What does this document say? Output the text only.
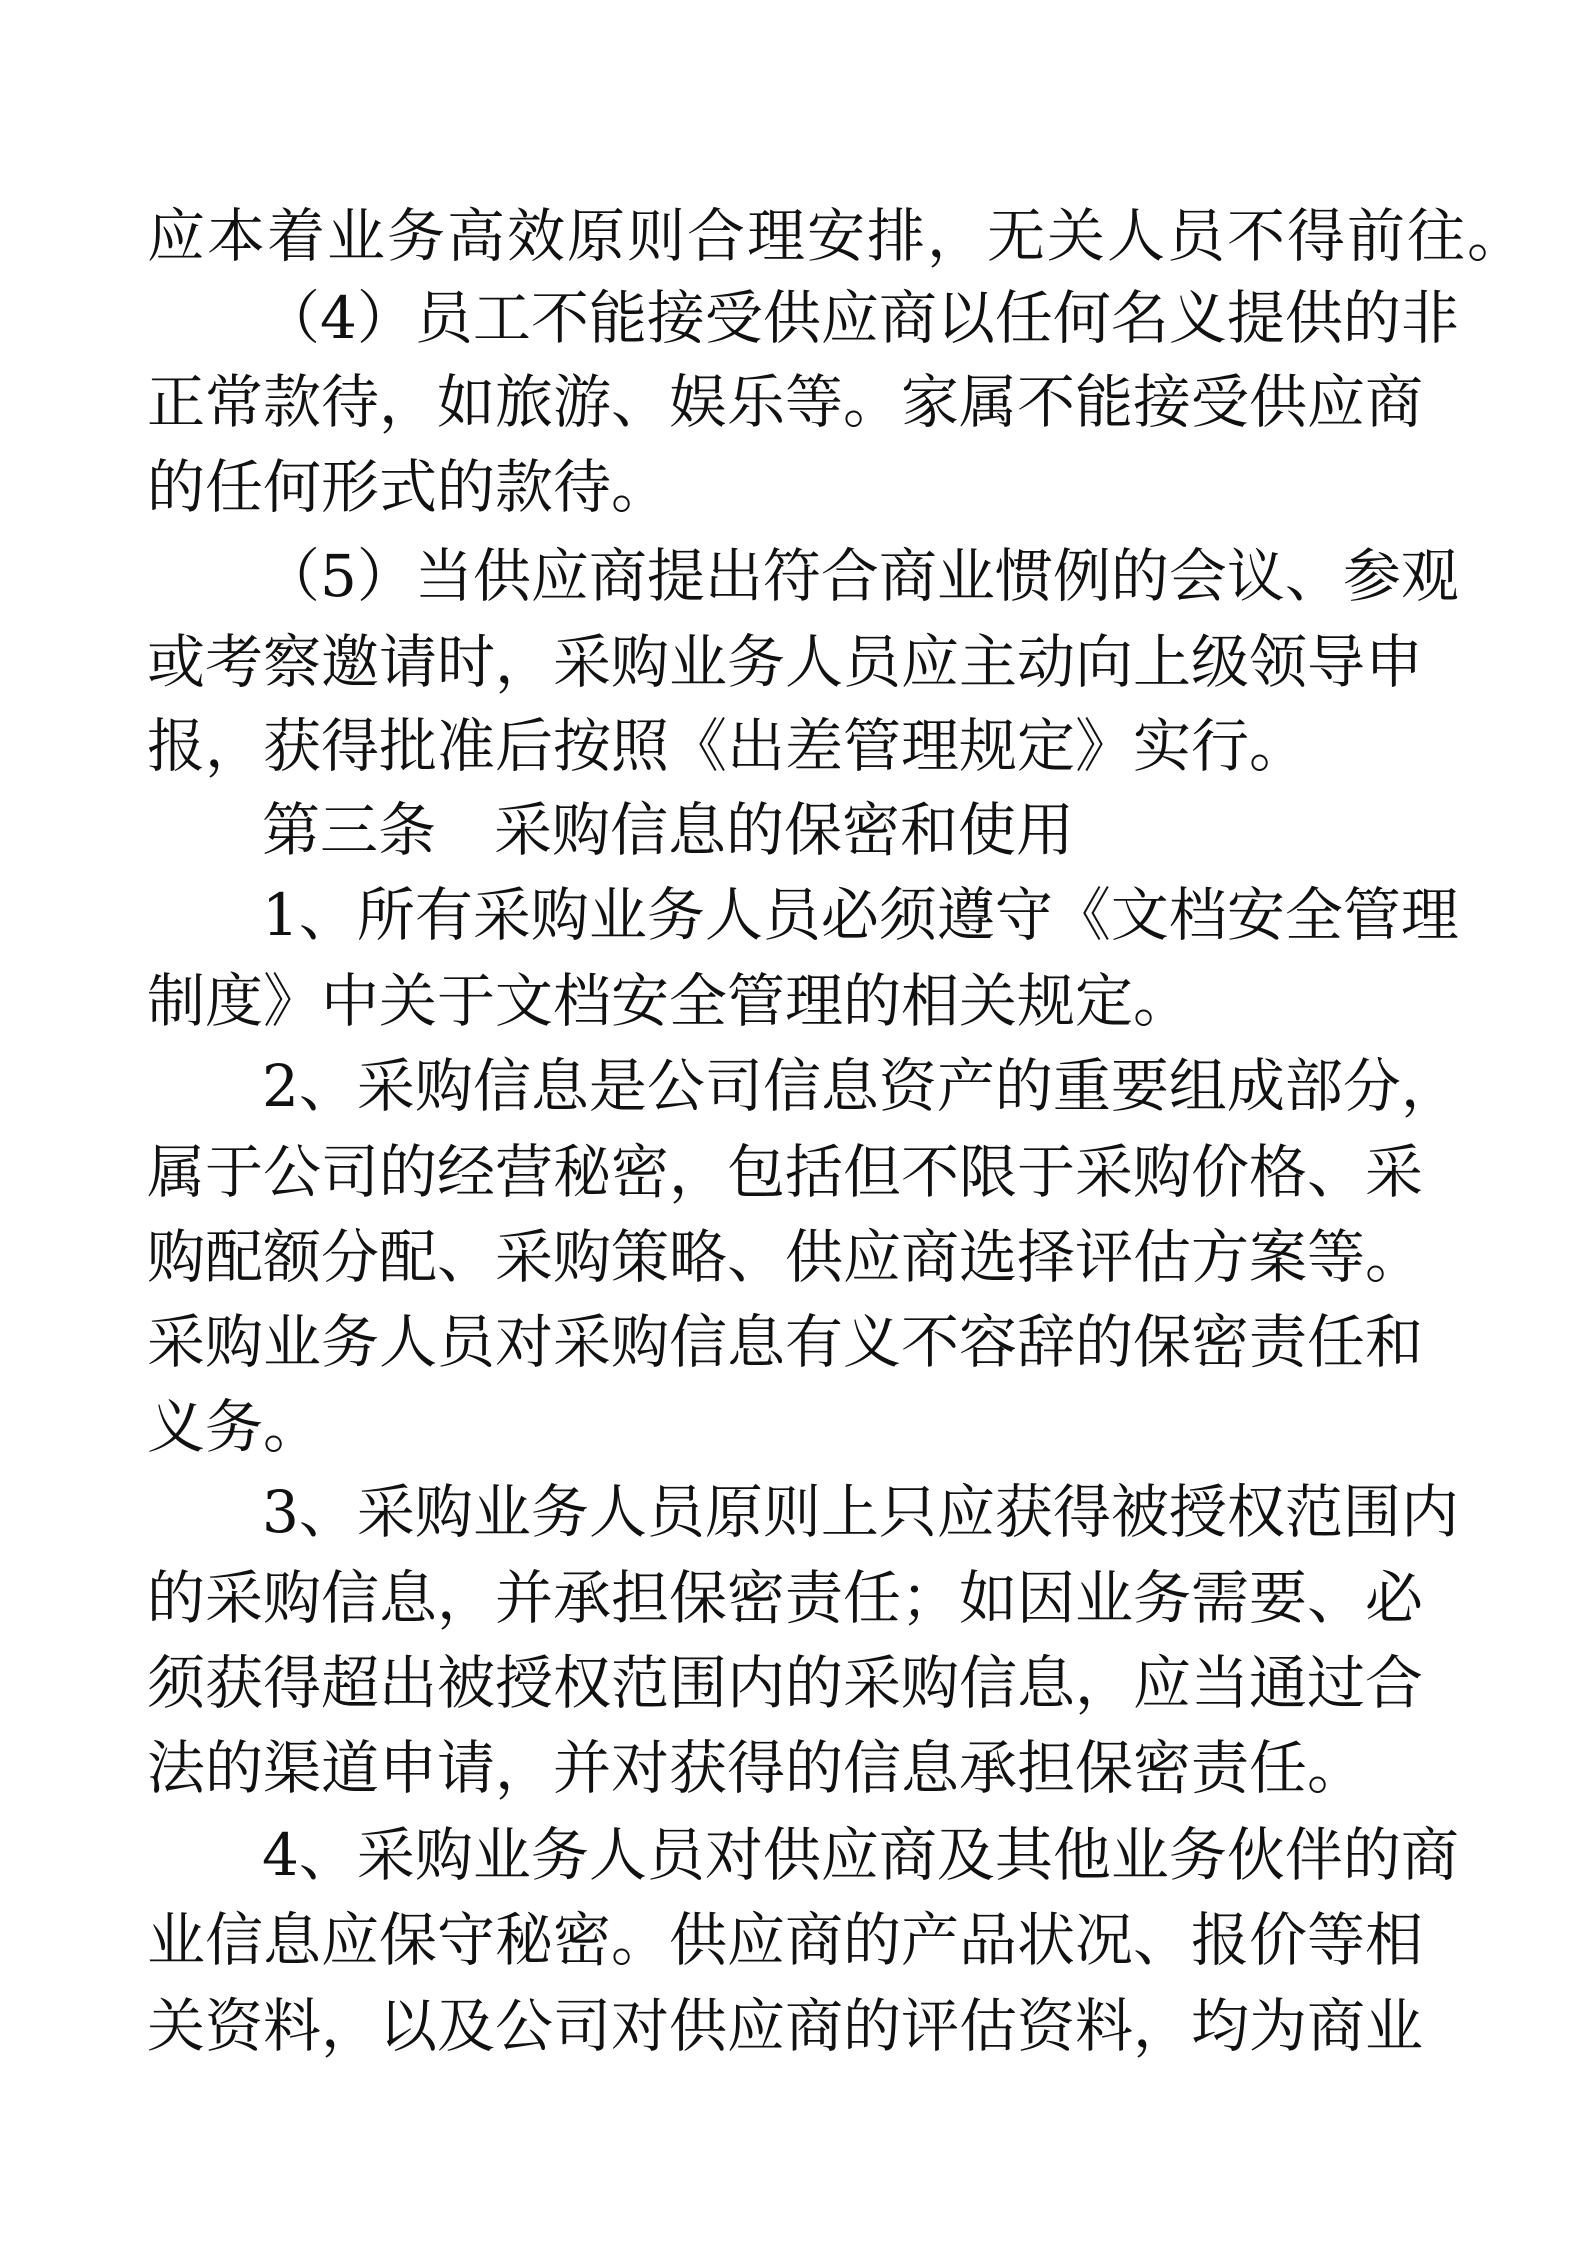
应本着业务高效原则合理安排，无关人员不得前往。
（4）员工不能接受供应商以任何名义提供的非
正常款待，如旅游、娱乐等。家属不能接受供应商
的任何形式的款待。
（5）当供应商提出符合商业惯例的会议、参观
或考察邀请时，采购业务人员应主动向上级领导申
报，获得批准后按照《出差管理规定》实行。
第三条　采购信息的保密和使用
1、所有采购业务人员必须遵守《文档安全管理
制度》中关于文档安全管理的相关规定。
2、采购信息是公司信息资产的重要组成部分，
属于公司的经营秘密，包括但不限于采购价格、采
购配额分配、采购策略、供应商选择评估方案等。
采购业务人员对采购信息有义不容辞的保密责任和
义务。
3、采购业务人员原则上只应获得被授权范围内
的采购信息，并承担保密责任；如因业务需要、必
须获得超出被授权范围内的采购信息，应当通过合
法的渠道申请，并对获得的信息承担保密责任。
4、采购业务人员对供应商及其他业务伙伴的商
业信息应保守秘密。供应商的产品状况、报价等相
关资料，以及公司对供应商的评估资料，均为商业
